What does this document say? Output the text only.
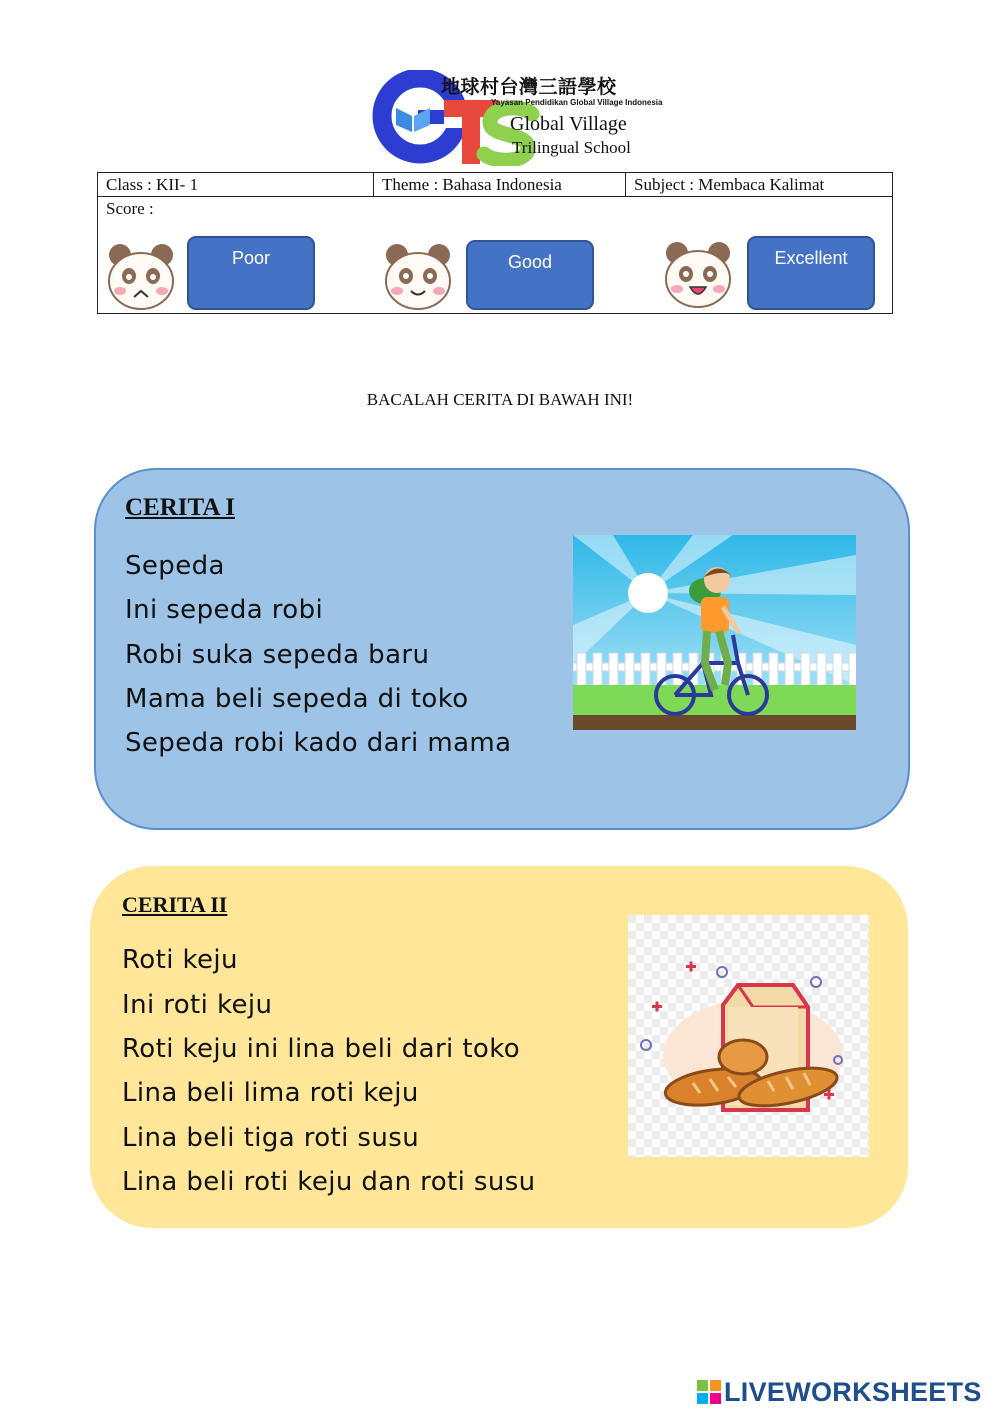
地球村台灣三語學校
Yayasan Pendidikan Global Village Indonesia
Global Village
Trilingual School
Class : KII- 1	Theme : Bahasa Indonesia	Subject : Membaca Kalimat
Score :
Poor	Good	Excellent
BACALAH CERITA DI BAWAH INI!
CERITA I
Sepeda
Ini sepeda robi
Robi suka sepeda baru
Mama beli sepeda di toko
Sepeda robi kado dari mama
CERITA II
Roti keju
Ini roti keju
Roti keju ini lina beli dari toko
Lina beli lima roti keju
Lina beli tiga roti susu
Lina beli roti keju dan roti susu
LIVEWORKSHEETS
